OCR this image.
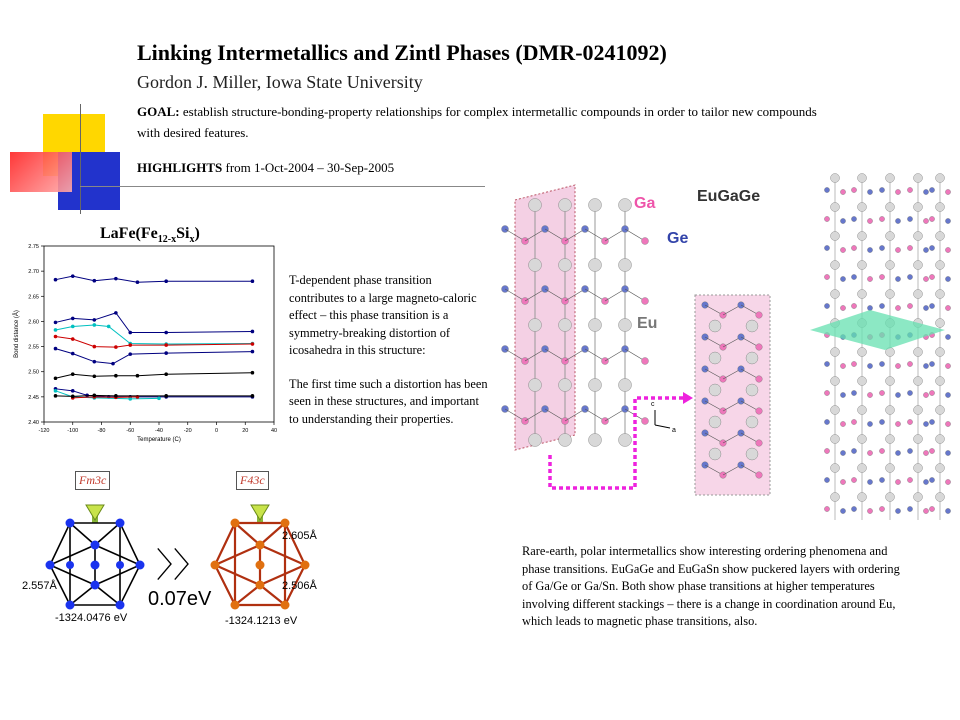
Linking Intermetallics and Zintl Phases (DMR-0241092)
Gordon J. Miller, Iowa State University
GOAL: establish structure-bonding-property relationships for complex intermetallic compounds in order to tailor new compounds with desired features.
HIGHLIGHTS from 1-Oct-2004 – 30-Sep-2005
$LaFe(Fe_{12-x}Si_x)$
2.40
2.45
2.50
2.55
2.60
2.65
2.70
2.75
-120	-100	-80	-60	-40	-20	0	20	40
Temperature (C)
Bond distance (Å)
T-dependent phase transition contributes to a large magneto-caloric effect – this phase transition is a symmetry-breaking distortion of icosahedra in this structure:
The first time such a distortion has been seen in these structures, and important to understanding their properties.
Fm3c	F43c
2.557Å
-1324.0476 eV
2.605Å
2.506Å
-1324.1213 eV
〉〉
0.07eV
c
a
Ga
Ge
Eu
EuGaGe
Rare-earth, polar intermetallics show interesting ordering phenomena and phase transitions. EuGaGe and EuGaSn show puckered layers with ordering of Ga/Ge or Ga/Sn. Both show phase transitions at higher temperatures involving different stackings – there is a change in coordination around Eu, which leads to magnetic phase transitions, also.
